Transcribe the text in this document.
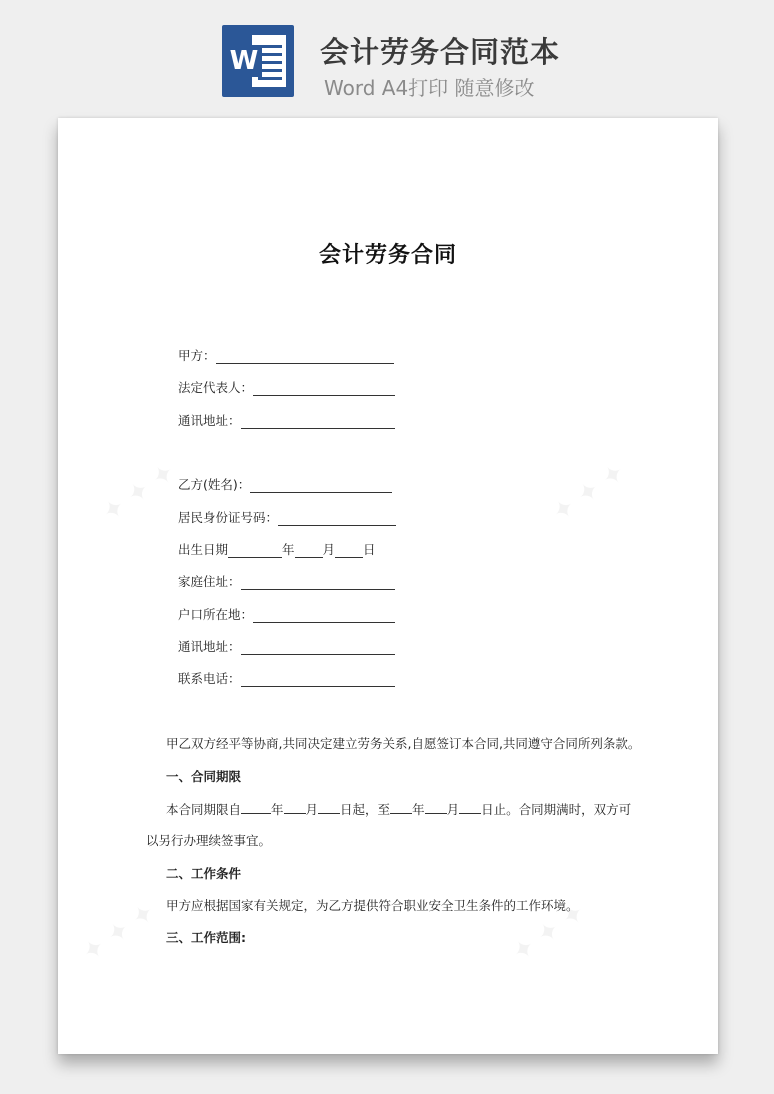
W 会计劳务合同范本
Word A4打印 随意修改
会计劳务合同
甲方：
法定代表人：
通讯地址：
乙方(姓名)：
居民身份证号码：
出生日期	年 月 日
家庭住址：
户口所在地：
通讯地址：
联系电话：
甲乙双方经平等协商,共同决定建立劳务关系,自愿签订本合同,共同遵守合同所列条款。
一、合同期限
本合同期限自 年 月 日起，至 年 月 日止。合同期满时，双方可
以另行办理续签事宜。
二、工作条件
甲方应根据国家有关规定，为乙方提供符合职业安全卫生条件的工作环境。
三、工作范围:
